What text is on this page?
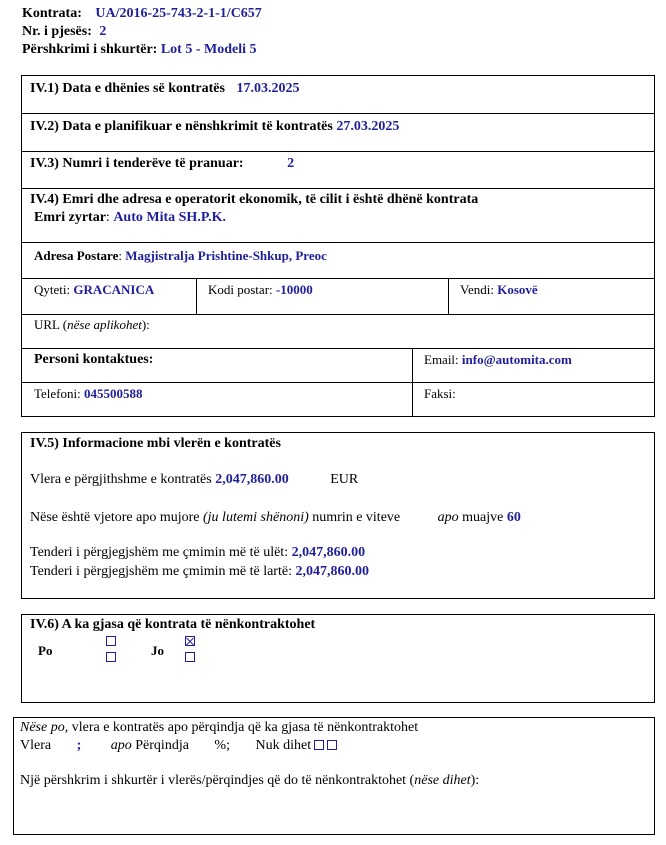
Kontrata: UA/2016-25-743-2-1-1/C657
Nr. i pjesës: 2
Përshkrimi i shkurtër: Lot 5 - Modeli 5
IV.1) Data e dhënies së kontratës 17.03.2025
IV.2) Data e planifikuar e nënshkrimit të kontratës 27.03.2025
IV.3) Numri i tenderëve të pranuar:	2
IV.4) Emri dhe adresa e operatorit ekonomik, të cilit i është dhënë kontrata
Emri zyrtar: Auto Mita SH.P.K.
Adresa Postare: Magjistralja Prishtine-Shkup, Preoc
Qyteti: GRACANICA	Kodi postar: -10000	Vendi: Kosovë
URL (nëse aplikohet):
Personi kontaktues:	Email: info@automita.com
Telefoni: 045500588	Faksi:
IV.5) Informacione mbi vlerën e kontratës
Vlera e përgjithshme e kontratës 2,047,860.00	EUR
Nëse është vjetore apo mujore (ju lutemi shënoni) numrin e viteve	apo muajve 60
Tenderi i përgjegjshëm me çmimin më të ulët: 2,047,860.00
Tenderi i përgjegjshëm me çmimin më të lartë: 2,047,860.00
IV.6) A ka gjasa që kontrata të nënkontraktohet
Po	Jo
Nëse po, vlera e kontratës apo përqindja që ka gjasa të nënkontraktohet
Vlera ; apo Përqindja %; Nuk dihet
Një përshkrim i shkurtër i vlerës/përqindjes që do të nënkontraktohet (nëse dihet):
